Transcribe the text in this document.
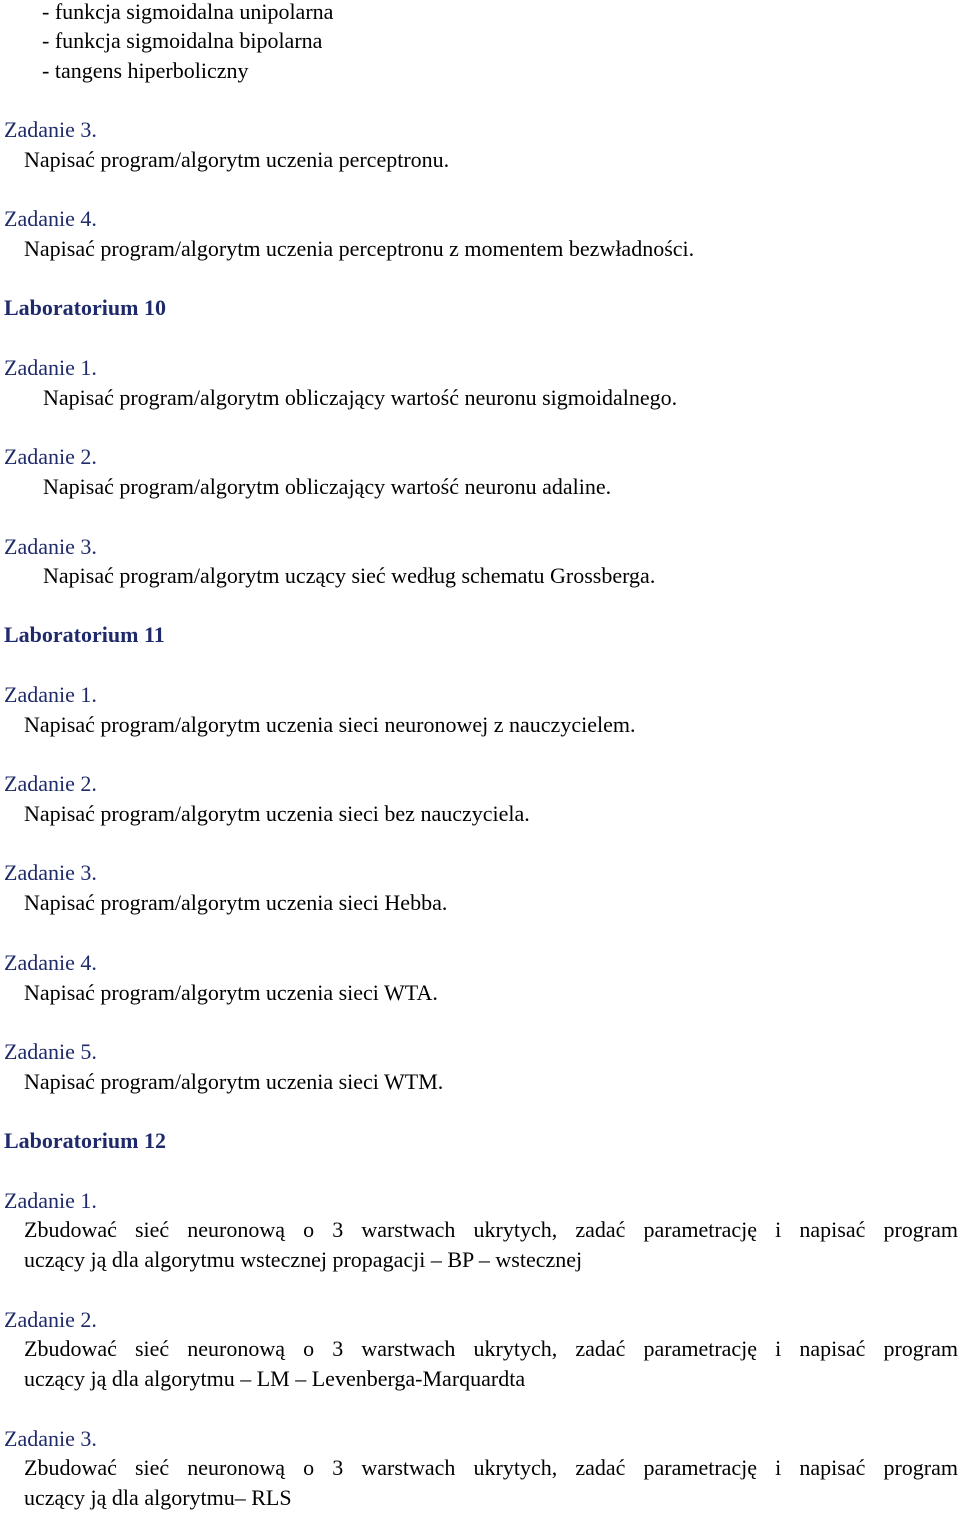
- funkcja sigmoidalna unipolarna
- funkcja sigmoidalna bipolarna
- tangens hiperboliczny
Zadanie 3.
Napisać program/algorytm uczenia perceptronu.
Zadanie 4.
Napisać program/algorytm uczenia perceptronu z momentem bezwładności.
Laboratorium 10
Zadanie 1.
Napisać program/algorytm obliczający wartość neuronu sigmoidalnego.
Zadanie 2.
Napisać program/algorytm obliczający wartość neuronu adaline.
Zadanie 3.
Napisać program/algorytm uczący sieć według schematu Grossberga.
Laboratorium 11
Zadanie 1.
Napisać program/algorytm uczenia sieci neuronowej z nauczycielem.
Zadanie 2.
Napisać program/algorytm uczenia sieci bez nauczyciela.
Zadanie 3.
Napisać program/algorytm uczenia sieci Hebba.
Zadanie 4.
Napisać program/algorytm uczenia sieci WTA.
Zadanie 5.
Napisać program/algorytm uczenia sieci WTM.
Laboratorium 12
Zadanie 1.
Zbudować sieć neuronową o 3 warstwach ukrytych, zadać parametrację i napisać program
uczący ją dla algorytmu wstecznej propagacji – BP – wstecznej
Zadanie 2.
Zbudować sieć neuronową o 3 warstwach ukrytych, zadać parametrację i napisać program
uczący ją dla algorytmu – LM – Levenberga-Marquardta
Zadanie 3.
Zbudować sieć neuronową o 3 warstwach ukrytych, zadać parametrację i napisać program
uczący ją dla algorytmu– RLS
